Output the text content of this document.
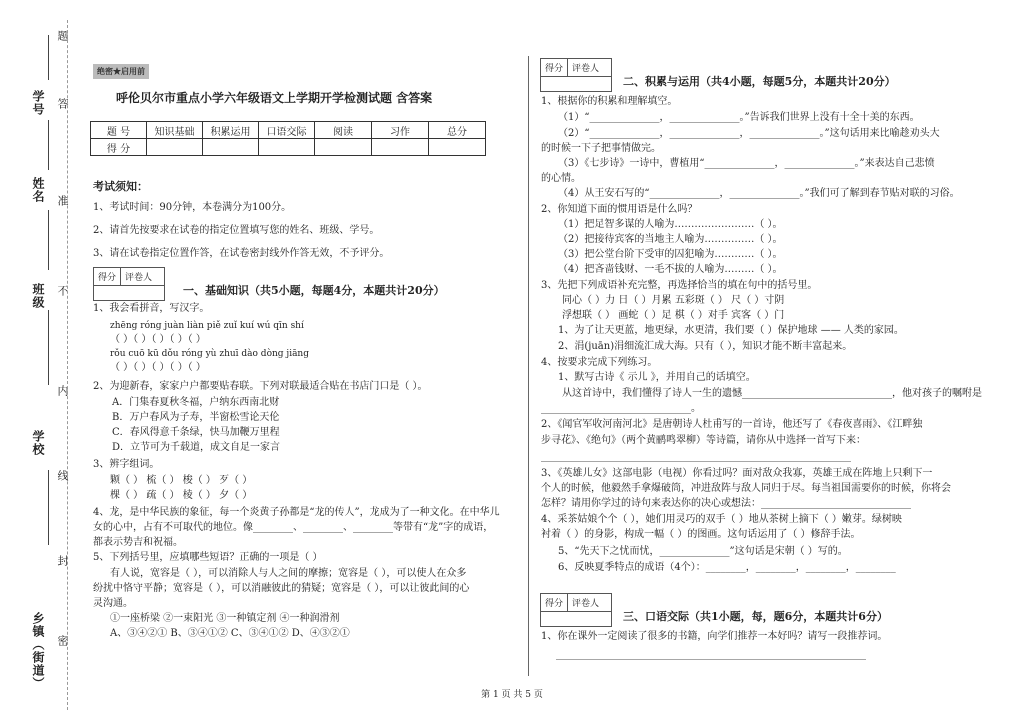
题
学号 答
姓名 准
班级 不
内
学校
线
封
乡镇（街道） 密
绝密★启用前
呼伦贝尔市重点小学六年级语文上学期开学检测试题 含答案
题 号	知识基础	积累运用	口语交际	阅读	习作	总分
得 分						
考试须知：
1、考试时间：90分钟，本卷满分为100分。
2、请首先按要求在试卷的指定位置填写您的姓名、班级、学号。
3、请在试卷指定位置作答，在试卷密封线外作答无效，不予评分。
得分	评卷人
一、基础知识（共5小题，每题4分，本题共计20分）
1、我会看拼音，写汉字。
zhēng róng juàn liàn piě zuǐ kuí wú qīn shí
（ ）（ ）（ ）（ ）（ ）
rǒu cuō kū dǒu róng yù zhuī dào dòng jiāng
（ ）（ ）（ ）（ ）（ ）
2、为迎新春，家家户户都要贴春联。下列对联最适合贴在书店门口是（ ）。
A．门集春夏秋冬福，户纳东西南北财
B．万户春风为子寿，半窗松雪论天伦
C．春风得意千条绿，快马加鞭万里程
D．立节可为千载道，成文自足一家言
3、辨字组词。
颗（ ） 梳（ ） 梭（ ） 歹（ ）
棵（ ） 疏（ ） 棱（ ） 夕（ ）
4、龙，是中华民族的象征，每一个炎黄子孙都是“龙的传人”，龙成为了一种文化。在中华儿
女的心中，占有不可取代的地位。像________、________、________等带有“龙”字的成语，
都表示势吉和祝福。
5、下列括号里，应填哪些短语？正确的一项是（ ）
有人说，宽容是（ ），可以消除人与人之间的摩擦；宽容是（ ），可以使人在众多
纷扰中恪守平静；宽容是（ ），可以消融彼此的猜疑；宽容是（ ），可以让彼此间的心
灵沟通。
①一座桥梁 ②一束阳光 ③一种镇定剂 ④一种润滑剂
A、③④②① B、③④①② C、③④①② D、④③②①
得分	评卷人
二、积累与运用（共4小题，每题5分，本题共计20分）
1、根据你的积累和理解填空。
（1）“______________，______________。”告诉我们世界上没有十全十美的东西。
（2）“______________，______________，______________。”这句话用来比喻趁劝头大
的时候一下子把事情做完。
（3）《七步诗》一诗中，曹植用“______________，______________。”来表达自己悲愤
的心情。
（4）从王安石写的“______________，______________。”我们可了解到春节贴对联的习俗。
2、你知道下面的惯用语是什么吗？
（1）把足智多谋的人喻为……………………（ ）。
（2）把接待宾客的当地主人喻为……………（ ）。
（3）把公堂台阶下受审的囚犯喻为…………（ ）。
（4）把吝啬钱财、一毛不拔的人喻为………（ ）。
3、先把下列成语补充完整，再选择恰当的填在句中的括号里。
同心（ ）力 日（ ）月累 五彩斑（ ） 尺（ ）寸阴
浮想联（ ） 画蛇（ ）足 棋（ ）对手 宾客（ ）门
1、为了让天更蓝，地更绿，水更清，我们要（ ）保护地球 —— 人类的家园。
2、涓(juān)涓细流汇成大海。只有（ ），知识才能不断丰富起来。
4、按要求完成下列练习。
1、默写古诗《 示儿 》，并用自己的话填空。
从这首诗中，我们懂得了诗人一生的遗憾______________________________，他对孩子的嘱咐是
______________________________。
2、《闻官军收河南河北》是唐朝诗人杜甫写的一首诗，他还写了《春夜喜雨》、《江畔独
步寻花》、《绝句》（两个黄鹂鸣翠柳）等诗篇，请你从中选择一首写下来：
______________________________________________________________
3、《英雄儿女》这部电影（电视）你看过吗？面对敌众我寡，英雄王成在阵地上只剩下一
个人的时候，他毅然手拿爆破筒，冲进敌阵与敌人同归于尽。每当祖国需要你的时候，你将会
怎样？请用你学过的诗句来表达你的决心或想法：______________________________
4、采茶姑娘个个（ ），她们用灵巧的双手（ ）地从茶树上摘下（ ）嫩芽。绿树映
衬着（ ）的身影，构成一幅（ ）的图画。这句话运用了（ ）修辞手法。
5、“先天下之忧而忧，______________”这句话是宋朝（ ）写的。
6、反映夏季特点的成语（4个）：________，________，________，________
得分	评卷人
三、口语交际（共1小题，每，题6分，本题共计6分）
1、你在课外一定阅读了很多的书籍，向学们推荐一本好吗？请写一段推荐词。
______________________________________________________________
第 1 页 共 5 页
